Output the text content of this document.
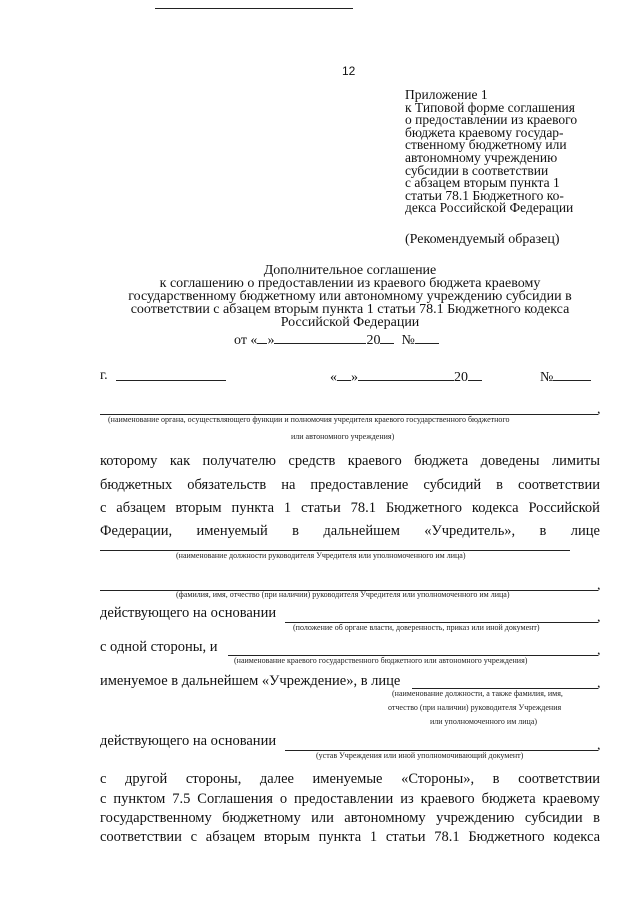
12
Приложение 1
к Типовой форме соглашения
о предоставлении из краевого
бюджета краевому государ-
ственному бюджетному или
автономному учреждению
субсидии в соответствии
с абзацем вторым пункта 1
статьи 78.1 Бюджетного ко-
декса Российской Федерации
(Рекомендуемый образец)
Дополнительное соглашение
к соглашению о предоставлении из краевого бюджета краевому
государственному бюджетному или автономному учреждению субсидии в
соответствии с абзацем вторым пункта 1 статьи 78.1 Бюджетного кодекса
Российской Федерации
от « »	20 №
г.	« »	20	№
,
(наименование органа, осуществляющего функции и полномочия учредителя краевого государственного бюджетного
или автономного учреждения)
которому как получателю средств краевого бюджета доведены лимиты
бюджетных обязательств на предоставление субсидий в соответствии
с абзацем вторым пункта 1 статьи 78.1 Бюджетного кодекса Российской
Федерации, именуемый в дальнейшем «Учредитель», в лице
(наименование должности руководителя Учредителя или уполномоченного им лица)
,
(фамилия, имя, отчество (при наличии) руководителя Учредителя или уполномоченного им лица)
действующего на основании	,
(положение об органе власти, доверенность, приказ или иной документ)
с одной стороны, и	,
(наименование краевого государственного бюджетного или автономного учреждения)
именуемое в дальнейшем «Учреждение», в лице	,
(наименование должности, а также фамилия, имя,
отчество (при наличии) руководителя Учреждения
или уполномоченного им лица)
действующего на основании	,
(устав Учреждения или иной уполномочивающий документ)
с другой стороны, далее именуемые «Стороны», в соответствии
с пунктом 7.5 Соглашения о предоставлении из краевого бюджета краевому
государственному бюджетному или автономному учреждению субсидии в
соответствии с абзацем вторым пункта 1 статьи 78.1 Бюджетного кодекса
